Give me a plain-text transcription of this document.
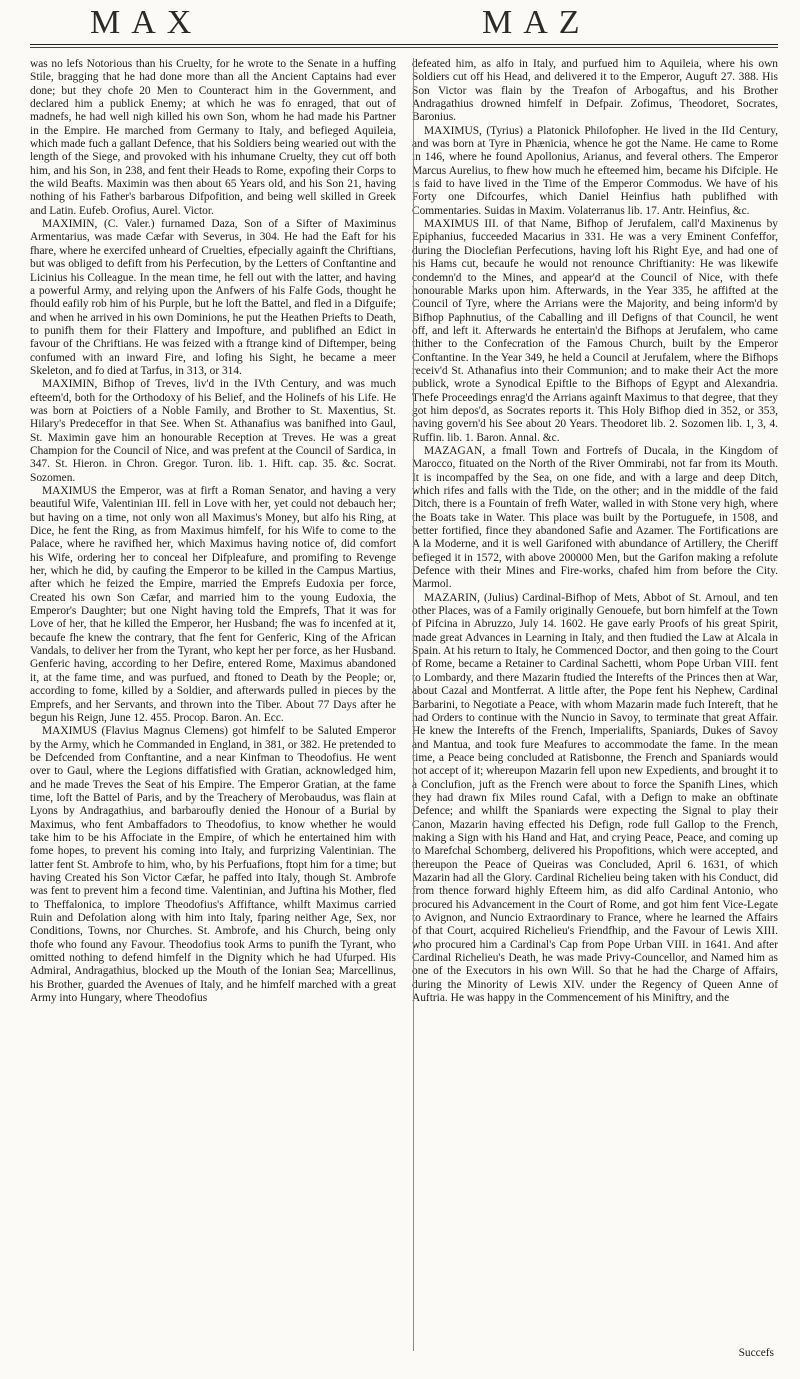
MAX	MAZ

was no lefs Notorious than his Cruelty, for he wrote to the Senate in a huffing Stile, bragging that he had done more than all the Ancient Captains had ever done; but they chofe 20 Men to Counteract him in the Government, and declared him a publick Enemy; at which he was fo enraged, that out of madnefs, he had well nigh killed his own Son, whom he had made his Partner in the Empire. He marched from Germany to Italy, and befieged Aquileia, which made fuch a gallant Defence, that his Soldiers being wearied out with the length of the Siege, and provoked with his inhumane Cruelty, they cut off both him, and his Son, in 238, and fent their Heads to Rome, expofing their Corps to the wild Beafts. Maximin was then about 65 Years old, and his Son 21, having nothing of his Father's barbarous Difpofition, and being well skilled in Greek and Latin. Eufeb. Orofius, Aurel. Victor.

MAXIMIN, (C. Valer.) furnamed Daza, Son of a Sifter of Maximinus Armentarius, was made Cæfar with Severus, in 304. He had the Eaft for his fhare, where he exercifed unheard of Cruelties, efpecially againft the Chriftians, but was obliged to defift from his Perfecution, by the Letters of Conftantine and Licinius his Colleague. In the mean time, he fell out with the latter, and having a powerful Army, and relying upon the Anfwers of his Falfe Gods, thought he fhould eafily rob him of his Purple, but he loft the Battel, and fled in a Difguife; and when he arrived in his own Dominions, he put the Heathen Priefts to Death, to punifh them for their Flattery and Impofture, and publifhed an Edict in favour of the Chriftians. He was feized with a ftrange kind of Diftemper, being confumed with an inward Fire, and lofing his Sight, he became a meer Skeleton, and fo died at Tarfus, in 313, or 314.

MAXIMIN, Bifhop of Treves, liv'd in the IVth Century, and was much efteem'd, both for the Orthodoxy of his Belief, and the Holinefs of his Life. He was born at Poictiers of a Noble Family, and Brother to St. Maxentius, St. Hilary's Predeceffor in that See. When St. Athanafius was banifhed into Gaul, St. Maximin gave him an honourable Reception at Treves. He was a great Champion for the Council of Nice, and was prefent at the Council of Sardica, in 347. St. Hieron. in Chron. Gregor. Turon. lib. 1. Hift. cap. 35. &c. Socrat. Sozomen.

MAXIMUS the Emperor, was at firft a Roman Senator, and having a very beautiful Wife, Valentinian III. fell in Love with her, yet could not debauch her; but having on a time, not only won all Maximus's Money, but alfo his Ring, at Dice, he fent the Ring, as from Maximus himfelf, for his Wife to come to the Palace, where he ravifhed her, which Maximus having notice of, did comfort his Wife, ordering her to conceal her Difpleafure, and promifing to Revenge her, which he did, by caufing the Emperor to be killed in the Campus Martius, after which he feized the Empire, married the Emprefs Eudoxia per force, Created his own Son Cæfar, and married him to the young Eudoxia, the Emperor's Daughter; but one Night having told the Emprefs, That it was for Love of her, that he killed the Emperor, her Husband; fhe was fo incenfed at it, becaufe fhe knew the contrary, that fhe fent for Genferic, King of the African Vandals, to deliver her from the Tyrant, who kept her per force, as her Husband. Genferic having, according to her Defire, entered Rome, Maximus abandoned it, at the fame time, and was purfued, and ftoned to Death by the People; or, according to fome, killed by a Soldier, and afterwards pulled in pieces by the Emprefs, and her Servants, and thrown into the Tiber. About 77 Days after he begun his Reign, June 12. 455. Procop. Baron. An. Ecc.

MAXIMUS (Flavius Magnus Clemens) got himfelf to be Saluted Emperor by the Army, which he Commanded in England, in 381, or 382. He pretended to be Defcended from Conftantine, and a near Kinfman to Theodofius. He went over to Gaul, where the Legions diffatisfied with Gratian, acknowledged him, and he made Treves the Seat of his Empire. The Emperor Gratian, at the fame time, loft the Battel of Paris, and by the Treachery of Merobaudus, was flain at Lyons by Andragathius, and barbaroufly denied the Honour of a Burial by Maximus, who fent Ambaffadors to Theodofius, to know whether he would take him to be his Affociate in the Empire, of which he entertained him with fome hopes, to prevent his coming into Italy, and furprizing Valentinian. The latter fent St. Ambrofe to him, who, by his Perfuafions, ftopt him for a time; but having Created his Son Victor Cæfar, he paffed into Italy, though St. Ambrofe was fent to prevent him a fecond time. Valentinian, and Juftina his Mother, fled to Theffalonica, to implore Theodofius's Affiftance, whilft Maximus carried Ruin and Defolation along with him into Italy, fparing neither Age, Sex, nor Conditions, Towns, nor Churches. St. Ambrofe, and his Church, being only thofe who found any Favour. Theodofius took Arms to punifh the Tyrant, who omitted nothing to defend himfelf in the Dignity which he had Ufurped. His Admiral, Andragathius, blocked up the Mouth of the Ionian Sea; Marcellinus, his Brother, guarded the Avenues of Italy, and he himfelf marched with a great Army into Hungary, where Theodofius

defeated him, as alfo in Italy, and purfued him to Aquileia, where his own Soldiers cut off his Head, and delivered it to the Emperor, Auguft 27. 388. His Son Victor was flain by the Treafon of Arbogaftus, and his Brother Andragathius drowned himfelf in Defpair. Zofimus, Theodoret, Socrates, Baronius.

MAXIMUS, (Tyrius) a Platonick Philofopher. He lived in the IId Century, and was born at Tyre in Phænicia, whence he got the Name. He came to Rome in 146, where he found Apollonius, Arianus, and feveral others. The Emperor Marcus Aurelius, to fhew how much he efteemed him, became his Difciple. He is faid to have lived in the Time of the Emperor Commodus. We have of his Forty one Difcourfes, which Daniel Heinfius hath publifhed with Commentaries. Suidas in Maxim. Volaterranus lib. 17. Antr. Heinfius, &c.

MAXIMUS III. of that Name, Bifhop of Jerufalem, call'd Maxinenus by Epiphanius, fucceeded Macarius in 331. He was a very Eminent Confeffor, during the Dioclefian Perfecutions, having loft his Right Eye, and had one of his Hams cut, becaufe he would not renounce Chriftianity: He was likewife condemn'd to the Mines, and appear'd at the Council of Nice, with thefe honourable Marks upon him. Afterwards, in the Year 335, he affifted at the Council of Tyre, where the Arrians were the Majority, and being inform'd by Bifhop Paphnutius, of the Caballing and ill Defigns of that Council, he went off, and left it. Afterwards he entertain'd the Bifhops at Jerufalem, who came thither to the Confecration of the Famous Church, built by the Emperor Conftantine. In the Year 349, he held a Council at Jerufalem, where the Bifhops receiv'd St. Athanafius into their Communion; and to make their Act the more publick, wrote a Synodical Epiftle to the Bifhops of Egypt and Alexandria. Thefe Proceedings enrag'd the Arrians againft Maximus to that degree, that they got him depos'd, as Socrates reports it. This Holy Bifhop died in 352, or 353, having govern'd his See about 20 Years. Theodoret lib. 2. Sozomen lib. 1, 3, 4. Ruffin. lib. 1. Baron. Annal. &c.

MAZAGAN, a fmall Town and Fortrefs of Ducala, in the Kingdom of Marocco, fituated on the North of the River Ommirabi, not far from its Mouth. It is incompaffed by the Sea, on one fide, and with a large and deep Ditch, which rifes and falls with the Tide, on the other; and in the middle of the faid Ditch, there is a Fountain of frefh Water, walled in with Stone very high, where the Boats take in Water. This place was built by the Portuguefe, in 1508, and better fortified, fince they abandoned Safie and Azamer. The Fortifications are A la Moderne, and it is well Garifoned with abundance of Artillery, the Cheriff befieged it in 1572, with above 200000 Men, but the Garifon making a refolute Defence with their Mines and Fire-works, chafed him from before the City. Marmol.

MAZARIN, (Julius) Cardinal-Bifhop of Mets, Abbot of St. Arnoul, and ten other Places, was of a Family originally Genouefe, but born himfelf at the Town of Pifcina in Abruzzo, July 14. 1602. He gave early Proofs of his great Spirit, made great Advances in Learning in Italy, and then ftudied the Law at Alcala in Spain. At his return to Italy, he Commenced Doctor, and then going to the Court of Rome, became a Retainer to Cardinal Sachetti, whom Pope Urban VIII. fent to Lombardy, and there Mazarin ftudied the Interefts of the Princes then at War, about Cazal and Montferrat. A little after, the Pope fent his Nephew, Cardinal Barbarini, to Negotiate a Peace, with whom Mazarin made fuch Intereft, that he had Orders to continue with the Nuncio in Savoy, to terminate that great Affair. He knew the Interefts of the French, Imperialifts, Spaniards, Dukes of Savoy and Mantua, and took fure Meafures to accommodate the fame. In the mean time, a Peace being concluded at Ratisbonne, the French and Spaniards would not accept of it; whereupon Mazarin fell upon new Expedients, and brought it to a Conclufion, juft as the French were about to force the Spanifh Lines, which they had drawn fix Miles round Cafal, with a Defign to make an obftinate Defence; and whilft the Spaniards were expecting the Signal to play their Canon, Mazarin having effected his Defign, rode full Gallop to the French, making a Sign with his Hand and Hat, and crying Peace, Peace, and coming up to Marefchal Schomberg, delivered his Propofitions, which were accepted, and thereupon the Peace of Queiras was Concluded, April 6. 1631, of which Mazarin had all the Glory. Cardinal Richelieu being taken with his Conduct, did from thence forward highly Efteem him, as did alfo Cardinal Antonio, who procured his Advancement in the Court of Rome, and got him fent Vice-Legate to Avignon, and Nuncio Extraordinary to France, where he learned the Affairs of that Court, acquired Richelieu's Friendfhip, and the Favour of Lewis XIII. who procured him a Cardinal's Cap from Pope Urban VIII. in 1641. And after Cardinal Richelieu's Death, he was made Privy-Councellor, and Named him as one of the Executors in his own Will. So that he had the Charge of Affairs, during the Minority of Lewis XIV. under the Regency of Queen Anne of Auftria. He was happy in the Commencement of his Miniftry, and the

Succefs
